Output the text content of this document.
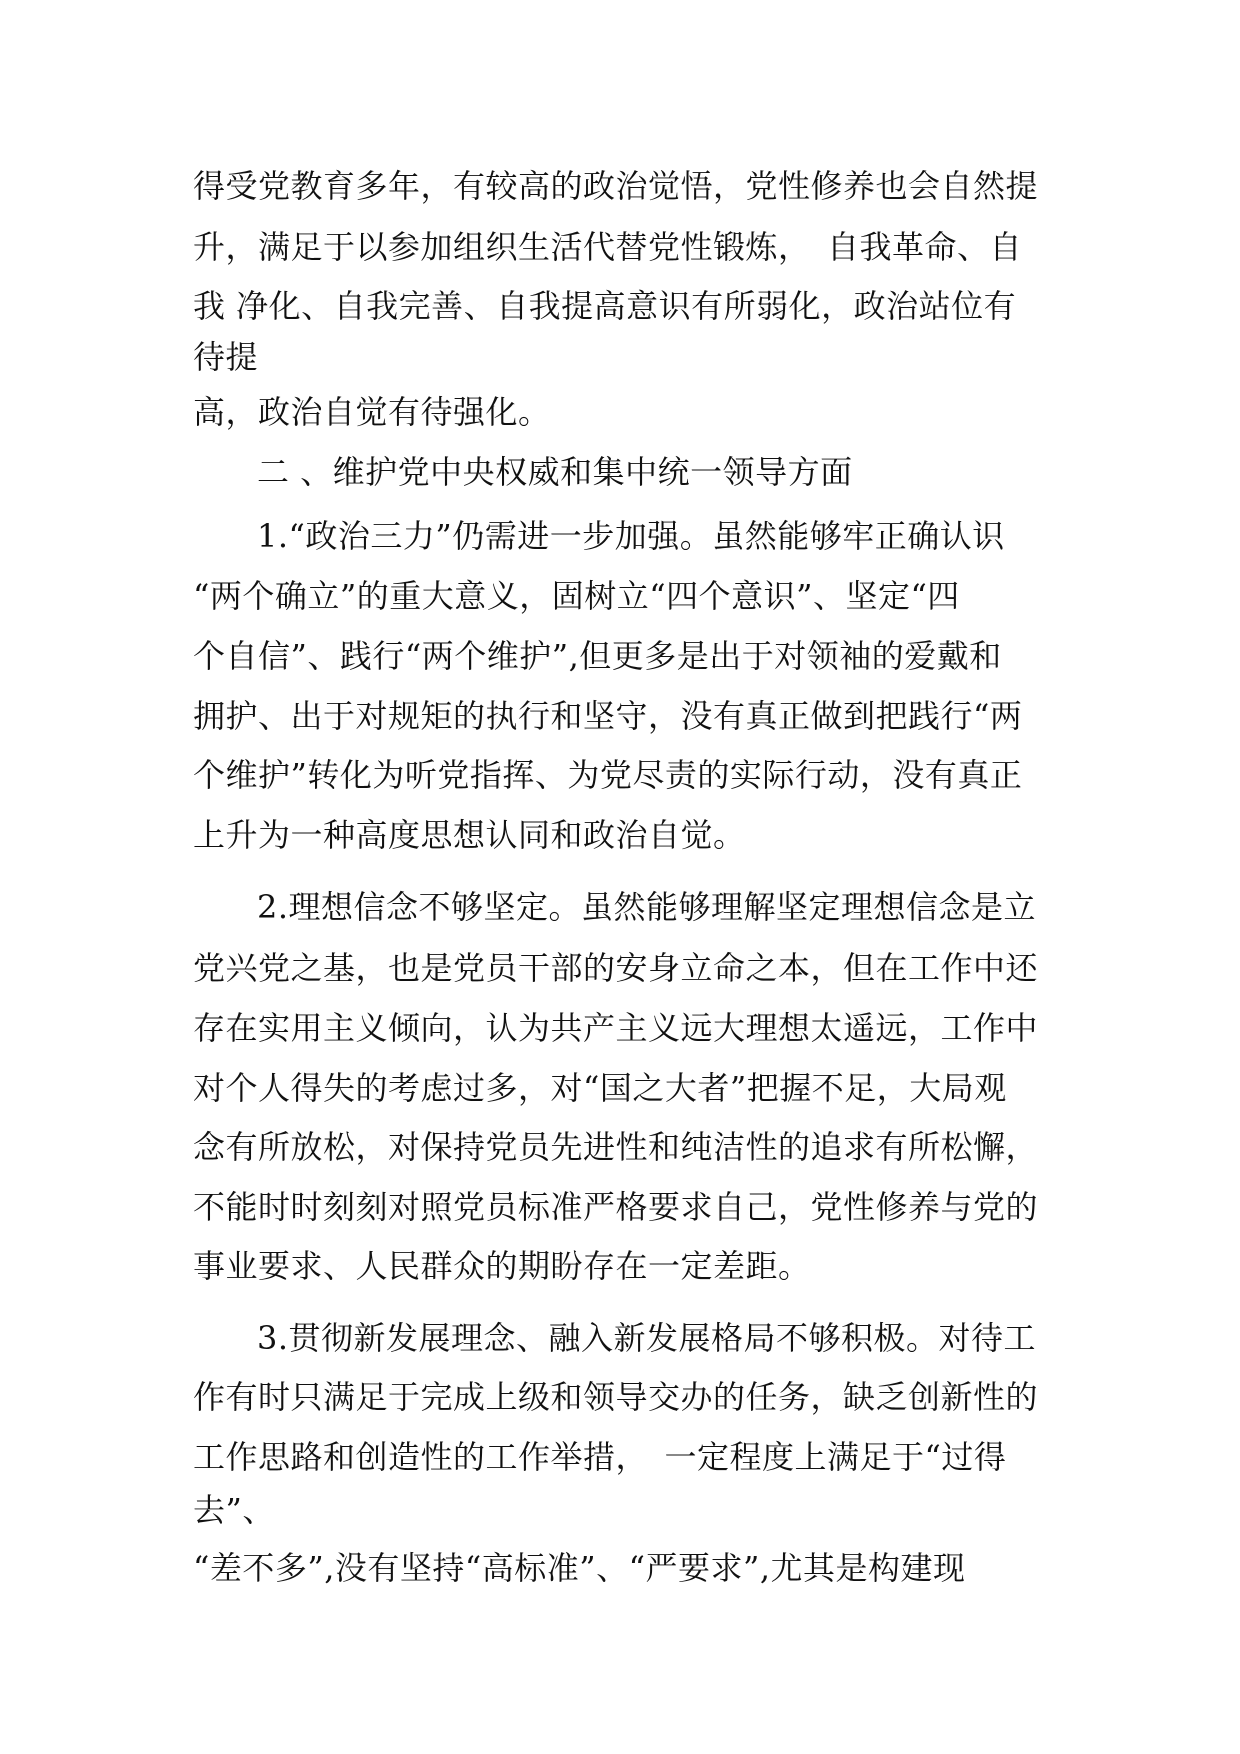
得受党教育多年，有较高的政治觉悟，党性修养也会自然提
升，满足于以参加组织生活代替党性锻炼，　自我革命、自
我 净化、自我完善、自我提高意识有所弱化，政治站位有
待提
高，政治自觉有待强化。
二 、维护党中央权威和集中统一领导方面
1.“政治三力”仍需进一步加强。虽然能够牢正确认识
“两个确立”的重大意义，固树立“四个意识”、坚定“四
个自信”、践行“两个维护”,但更多是出于对领袖的爱戴和
拥护、出于对规矩的执行和坚守，没有真正做到把践行“两
个维护”转化为听党指挥、为党尽责的实际行动，没有真正
上升为一种高度思想认同和政治自觉。
2.理想信念不够坚定。虽然能够理解坚定理想信念是立
党兴党之基，也是党员干部的安身立命之本，但在工作中还
存在实用主义倾向，认为共产主义远大理想太遥远，工作中
对个人得失的考虑过多，对“国之大者”把握不足，大局观
念有所放松，对保持党员先进性和纯洁性的追求有所松懈，
不能时时刻刻对照党员标准严格要求自己，党性修养与党的
事业要求、人民群众的期盼存在一定差距。
3.贯彻新发展理念、融入新发展格局不够积极。对待工
作有时只满足于完成上级和领导交办的任务，缺乏创新性的
工作思路和创造性的工作举措，　一定程度上满足于“过得
去”、
“差不多”,没有坚持“高标准”、“严要求”,尤其是构建现
